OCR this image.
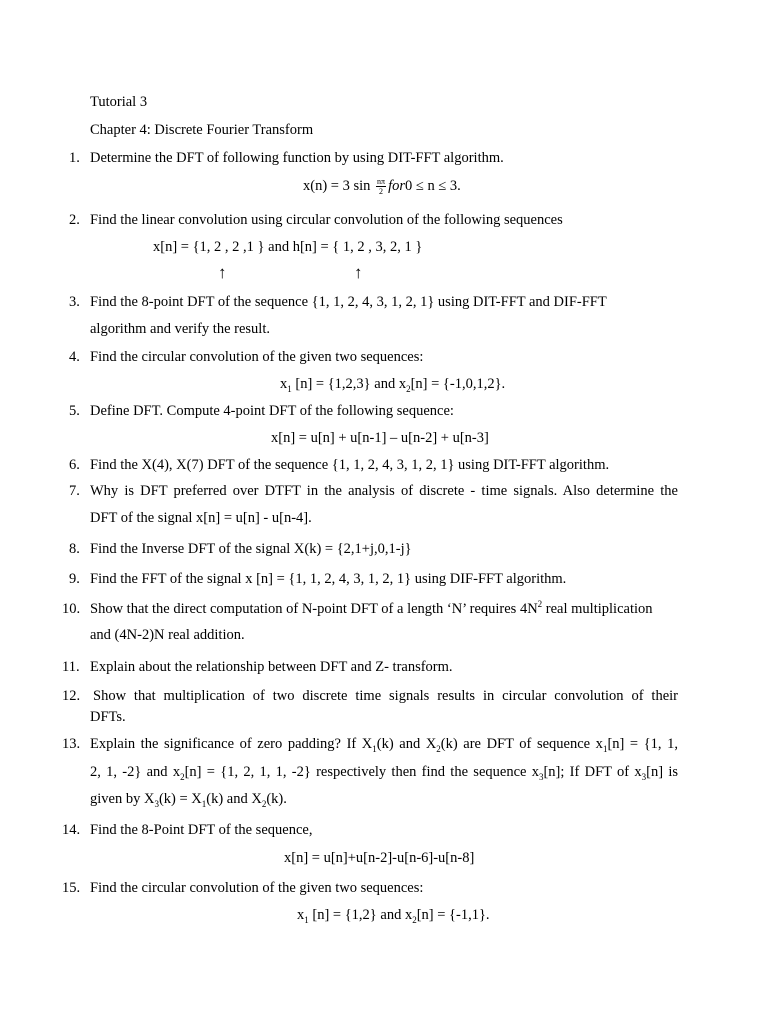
Tutorial 3
Chapter 4: Discrete Fourier Transform
1. Determine the DFT of following function by using DIT-FFT algorithm.
x(n) = 3 $\sin \frac{n\pi}{2} for0 \le n \le 3$.
2. Find the linear convolution using circular convolution of the following sequences
x[n] = {1, 2 , 2 ,1 } and h[n] = { 1, 2 , 3, 2, 1 }
↑	↑
3. Find the 8-point DFT of the sequence {1, 1, 2, 4, 3, 1, 2, 1} using DIT-FFT and DIF-FFT
algorithm and verify the result.
4. Find the circular convolution of the given two sequences:
$x_1$ [n] = {1,2,3} and $x_2[n] = \{-1,0,1,2\}$.
5. Define DFT. Compute 4-point DFT of the following sequence:
x[n] = u[n] + u[n-1] – u[n-2] + u[n-3]
6. Find the X(4), X(7) DFT of the sequence {1, 1, 2, 4, 3, 1, 2, 1} using DIT-FFT algorithm.
7. Why is DFT preferred over DTFT in the analysis of discrete - time signals. Also determine the
DFT of the signal x[n] = u[n] - u[n-4].
8. Find the Inverse DFT of the signal X(k) = {2,1+j,0,1-j}
9. Find the FFT of the signal x [n] = {1, 1, 2, 4, 3, 1, 2, 1} using DIF-FFT algorithm.
10. Show that the direct computation of N-point DFT of a length ‘N’ requires $4N^2$ real multiplication
and (4N-2)N real addition.
11. Explain about the relationship between DFT and Z- transform.
12. Show that multiplication of two discrete time signals results in circular convolution of their
DFTs.
13. Explain the significance of zero padding? If $X_1(k)$ and $X_2(k)$ are DFT of sequence $x_1[n] = \{1$, 1,
2, 1, -2} and $x_2[n] = \{1$, 2, 1, 1, -2} respectively then find the sequence $x_3[n]$; If DFT of $x_3[n]$ is
given by $X_3(k) = X_1(k)$ and $X_2(k)$.
14. Find the 8-Point DFT of the sequence,
x[n] = u[n]+u[n-2]-u[n-6]-u[n-8]
15. Find the circular convolution of the given two sequences:
$x_1$ [n] = {1,2} and $x_2[n] = \{-1,1\}$.
